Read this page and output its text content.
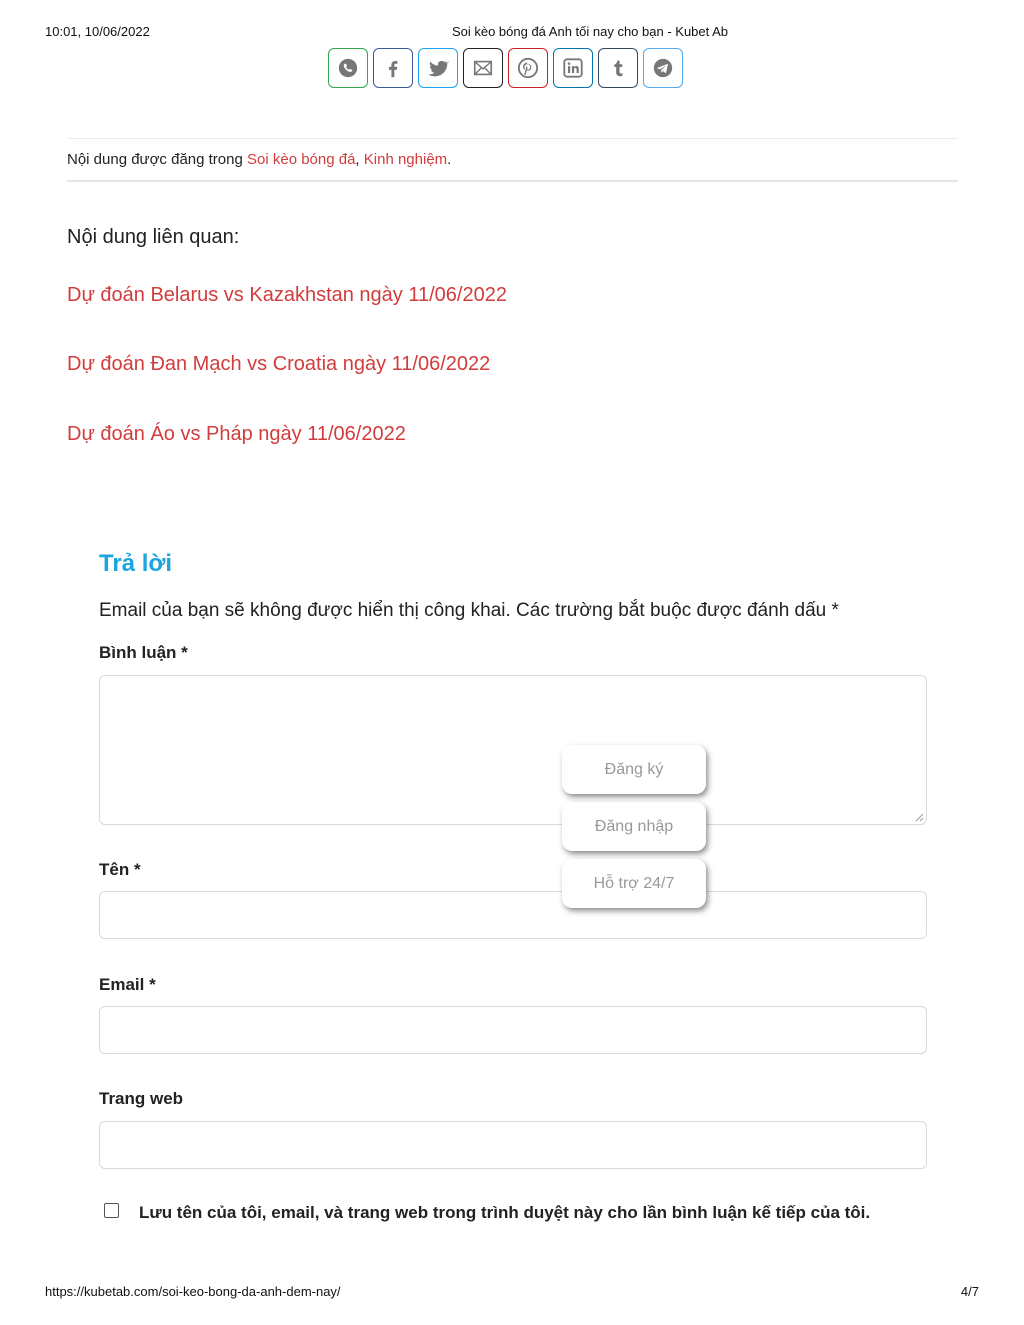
10:01, 10/06/2022	Soi kèo bóng đá Anh tối nay cho bạn - Kubet Ab
Nội dung được đăng trong Soi kèo bóng đá, Kinh nghiệm.
Nội dung liên quan:
Dự đoán Belarus vs Kazakhstan ngày 11/06/2022
Dự đoán Đan Mạch vs Croatia ngày 11/06/2022
Dự đoán Áo vs Pháp ngày 11/06/2022
Trả lời
Email của bạn sẽ không được hiển thị công khai. Các trường bắt buộc được đánh dấu *
Bình luận *
Tên *
Email *
Trang web
Lưu tên của tôi, email, và trang web trong trình duyệt này cho lần bình luận kế tiếp của tôi.
Đăng ký
Đăng nhập
Hỗ trợ 24/7
https://kubetab.com/soi-keo-bong-da-anh-dem-nay/	4/7
